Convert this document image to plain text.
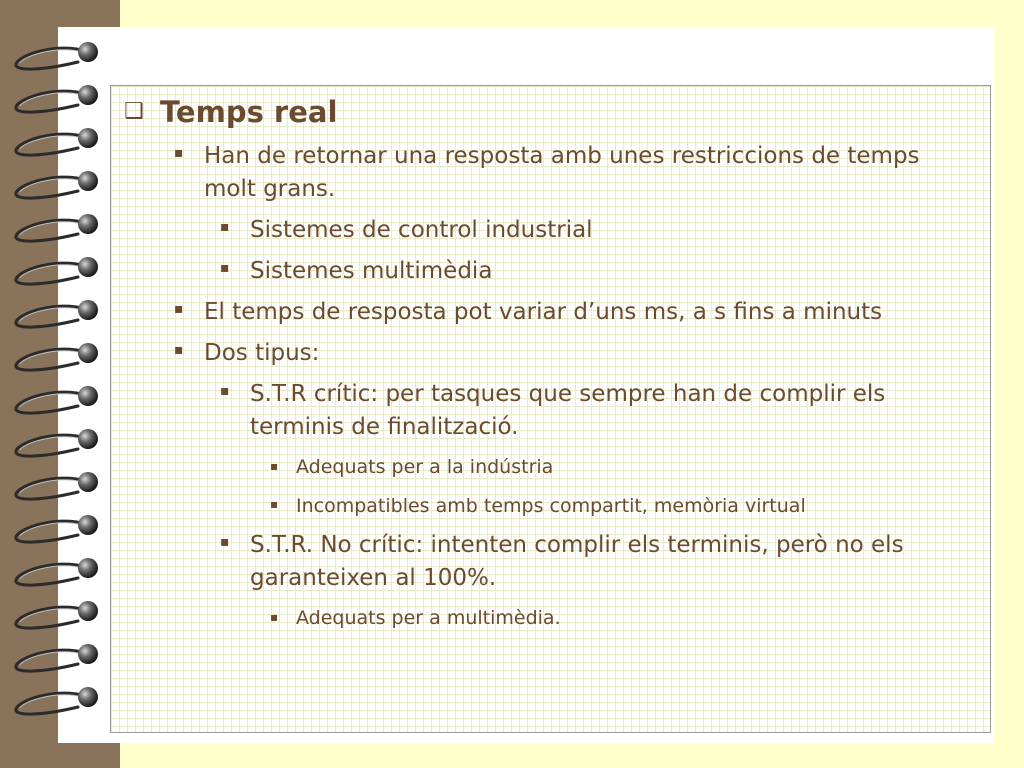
❑ Temps real
▪ Han de retornar una resposta amb unes restriccions de temps molt grans.
▪ Sistemes de control industrial
▪ Sistemes multimèdia
▪ El temps de resposta pot variar d’uns ms, a s fins a minuts
▪ Dos tipus:
▪ S.T.R crític: per tasques que sempre han de complir els terminis de finalització.
▪ Adequats per a la indústria
▪ Incompatibles amb temps compartit, memòria virtual
▪ S.T.R. No crític: intenten complir els terminis, però no els garanteixen al 100%.
▪ Adequats per a multimèdia.
